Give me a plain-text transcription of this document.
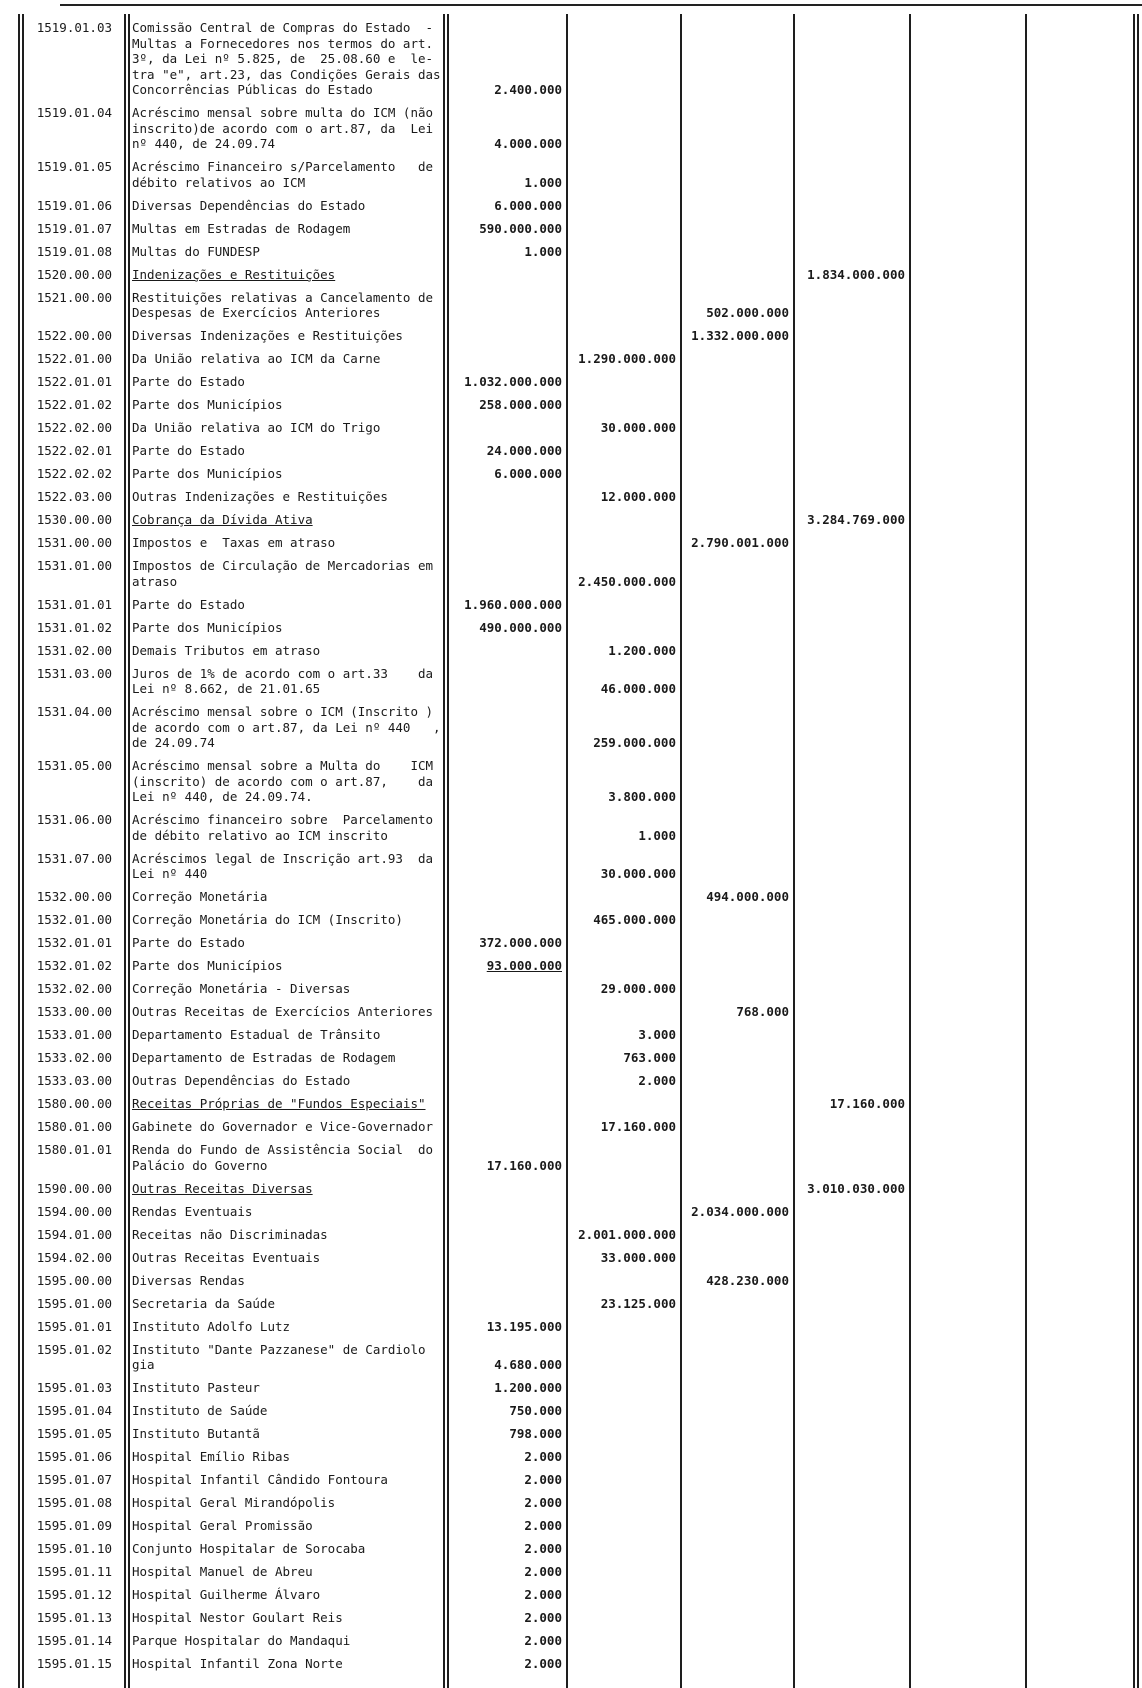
1519.01.03	Comissão Central de Compras do Estado  -
Multas a Fornecedores nos termos do art.
3º, da Lei nº 5.825, de  25.08.60 e  le-
tra "e", art.23, das Condições Gerais das
Concorrências Públicas do Estado	2.400.000					
1519.01.04	Acréscimo mensal sobre multa do ICM (não
inscrito)de acordo com o art.87, da  Lei
nº 440, de 24.09.74	4.000.000					
1519.01.05	Acréscimo Financeiro s/Parcelamento   de
débito relativos ao ICM	1.000					
1519.01.06	Diversas Dependências do Estado	6.000.000					
1519.01.07	Multas em Estradas de Rodagem	590.000.000					
1519.01.08	Multas do FUNDESP	1.000					
1520.00.00	Indenizações e Restituições				1.834.000.000		
1521.00.00	Restituições relativas a Cancelamento de
Despesas de Exercícios Anteriores			502.000.000			
1522.00.00	Diversas Indenizações e Restituições			1.332.000.000			
1522.01.00	Da União relativa ao ICM da Carne		1.290.000.000				
1522.01.01	Parte do Estado	1.032.000.000					
1522.01.02	Parte dos Municípios	258.000.000					
1522.02.00	Da União relativa ao ICM do Trigo		30.000.000				
1522.02.01	Parte do Estado	24.000.000					
1522.02.02	Parte dos Municípios	6.000.000					
1522.03.00	Outras Indenizações e Restituições		12.000.000				
1530.00.00	Cobrança da Dívida Ativa				3.284.769.000		
1531.00.00	Impostos e  Taxas em atraso			2.790.001.000			
1531.01.00	Impostos de Circulação de Mercadorias em
atraso		2.450.000.000				
1531.01.01	Parte do Estado	1.960.000.000					
1531.01.02	Parte dos Municípios	490.000.000					
1531.02.00	Demais Tributos em atraso		1.200.000				
1531.03.00	Juros de 1% de acordo com o art.33    da
Lei nº 8.662, de 21.01.65		46.000.000				
1531.04.00	Acréscimo mensal sobre o ICM (Inscrito )
de acordo com o art.87, da Lei nº 440   ,
de 24.09.74		259.000.000				
1531.05.00	Acréscimo mensal sobre a Multa do    ICM
(inscrito) de acordo com o art.87,    da
Lei nº 440, de 24.09.74.		3.800.000				
1531.06.00	Acréscimo financeiro sobre  Parcelamento
de débito relativo ao ICM inscrito		1.000				
1531.07.00	Acréscimos legal de Inscrição art.93  da
Lei nº 440		30.000.000				
1532.00.00	Correção Monetária			494.000.000			
1532.01.00	Correção Monetária do ICM (Inscrito)		465.000.000				
1532.01.01	Parte do Estado	372.000.000					
1532.01.02	Parte dos Municípios	93.000.000					
1532.02.00	Correção Monetária - Diversas		29.000.000				
1533.00.00	Outras Receitas de Exercícios Anteriores			768.000			
1533.01.00	Departamento Estadual de Trânsito		3.000				
1533.02.00	Departamento de Estradas de Rodagem		763.000				
1533.03.00	Outras Dependências do Estado		2.000				
1580.00.00	Receitas Próprias de "Fundos Especiais"				17.160.000		
1580.01.00	Gabinete do Governador e Vice-Governador		17.160.000				
1580.01.01	Renda do Fundo de Assistência Social  do
Palácio do Governo	17.160.000					
1590.00.00	Outras Receitas Diversas				3.010.030.000		
1594.00.00	Rendas Eventuais			2.034.000.000			
1594.01.00	Receitas não Discriminadas		2.001.000.000				
1594.02.00	Outras Receitas Eventuais		33.000.000				
1595.00.00	Diversas Rendas			428.230.000			
1595.01.00	Secretaria da Saúde		23.125.000				
1595.01.01	Instituto Adolfo Lutz	13.195.000					
1595.01.02	Instituto "Dante Pazzanese" de Cardiolo
gia	4.680.000					
1595.01.03	Instituto Pasteur	1.200.000					
1595.01.04	Instituto de Saúde	750.000					
1595.01.05	Instituto Butantã	798.000					
1595.01.06	Hospital Emílio Ribas	2.000					
1595.01.07	Hospital Infantil Cândido Fontoura	2.000					
1595.01.08	Hospital Geral Mirandópolis	2.000					
1595.01.09	Hospital Geral Promissão	2.000					
1595.01.10	Conjunto Hospitalar de Sorocaba	2.000					
1595.01.11	Hospital Manuel de Abreu	2.000					
1595.01.12	Hospital Guilherme Álvaro	2.000					
1595.01.13	Hospital Nestor Goulart Reis	2.000					
1595.01.14	Parque Hospitalar do Mandaqui	2.000					
1595.01.15	Hospital Infantil Zona Norte	2.000					
